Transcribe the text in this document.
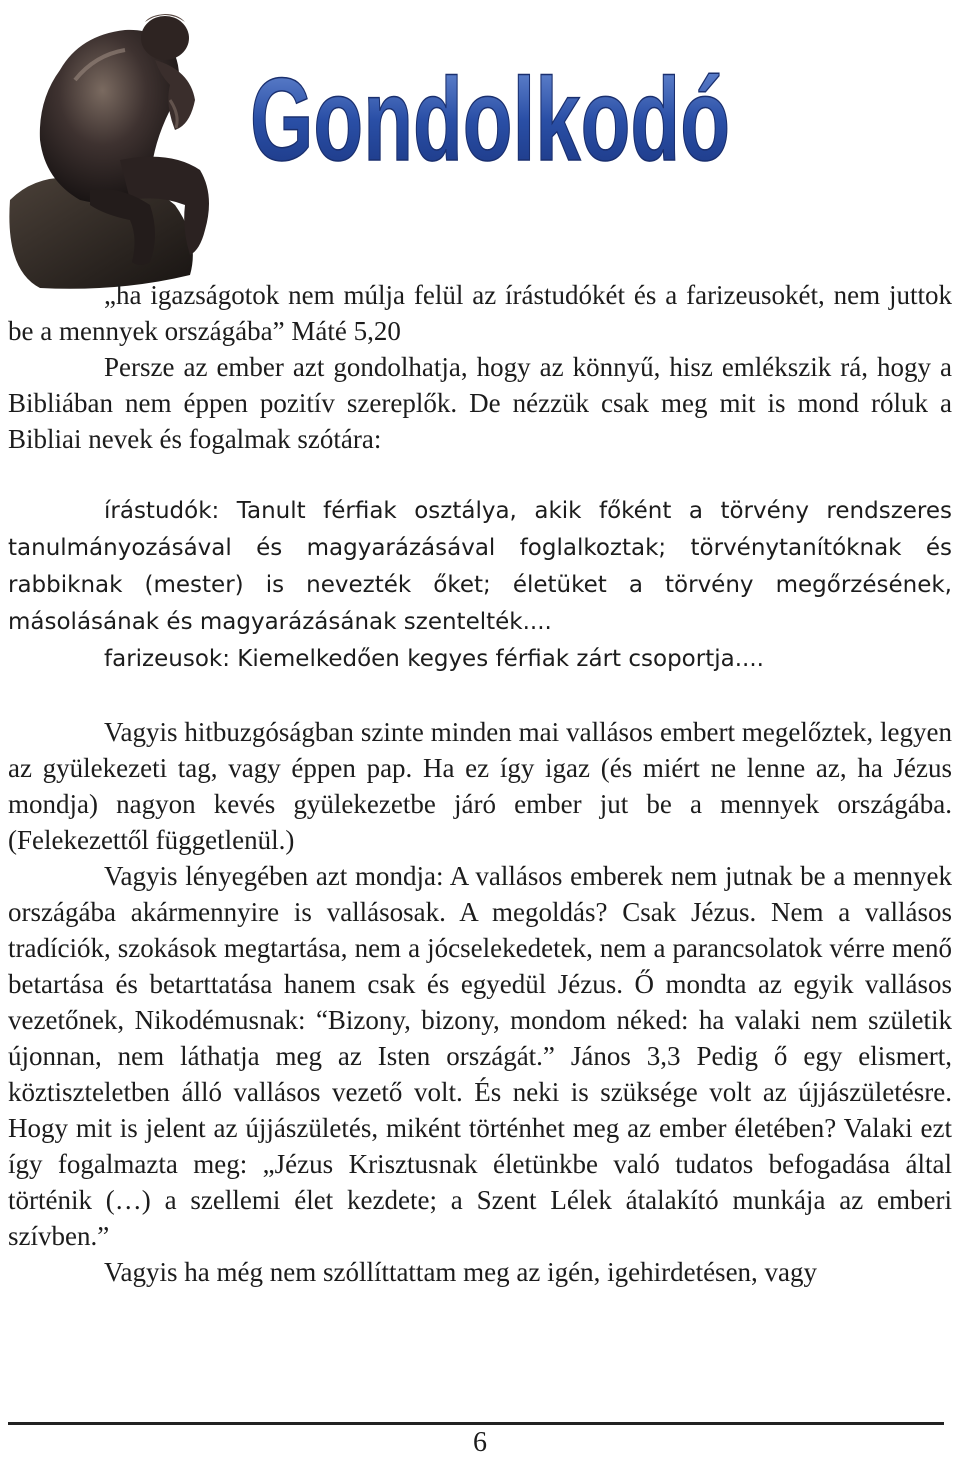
Gondolkodó

„ha igazságotok nem múlja felül az írástudókét és a farizeusokét, nem juttok be a mennyek országába” Máté 5,20

Persze az ember azt gondolhatja, hogy az könnyű, hisz emlékszik rá, hogy a Bibliában nem éppen pozitív szereplők. De nézzük csak meg mit is mond róluk a Bibliai nevek és fogalmak szótára:

írástudók: Tanult férfiak osztálya, akik főként a törvény rendszeres tanulmányozásával és magyarázásával foglalkoztak; törvénytanítóknak és rabbiknak (mester) is nevezték őket; életüket a törvény megőrzésének, másolásának és magyarázásának szentelték....

farizeusok: Kiemelkedően kegyes férfiak zárt csoportja....

Vagyis hitbuzgóságban szinte minden mai vallásos embert megelőztek, legyen az gyülekezeti tag, vagy éppen pap. Ha ez így igaz (és miért ne lenne az, ha Jézus mondja) nagyon kevés gyülekezetbe járó ember jut be a mennyek országába. (Felekezettől függetlenül.)

Vagyis lényegében azt mondja: A vallásos emberek nem jutnak be a mennyek országába akármennyire is vallásosak. A megoldás? Csak Jézus. Nem a vallásos tradíciók, szokások megtartása, nem a jócselekedetek, nem a parancsolatok vérre menő betartása és betarttatása hanem csak és egyedül Jézus. Ő mondta az egyik vallásos vezetőnek, Nikodémusnak: “Bizony, bizony, mondom néked: ha valaki nem születik újonnan, nem láthatja meg az Isten országát.” János 3,3 Pedig ő egy elismert, köztiszteletben álló vallásos vezető volt. És neki is szüksége volt az újjászületésre. Hogy mit is jelent az újjászületés, miként történhet meg az ember életében? Valaki ezt így fogalmazta meg: „Jézus Krisztusnak életünkbe való tudatos befogadása által történik (…) a szellemi élet kezdete; a Szent Lélek átalakító munkája az emberi szívben.”

Vagyis ha még nem szóllíttattam meg az igén, igehirdetésen, vagy

6
